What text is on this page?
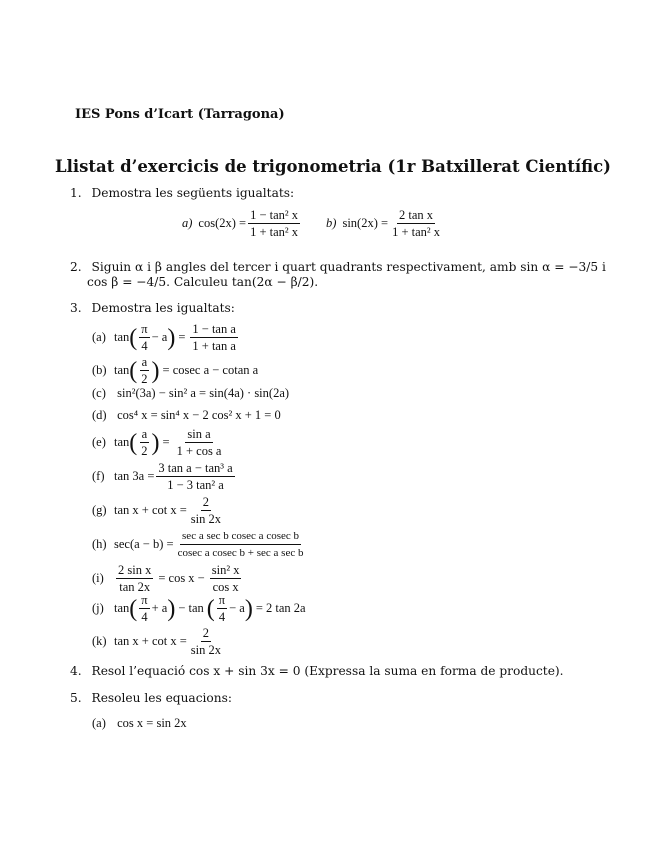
IES Pons d’Icart (Tarragona)
Llistat d’exercicis de trigonometria (1r Batxillerat Científic)
1. Demostra les següents igualtats:
a) $\cos(2x) = \frac{\text{1 − tan² x}}{\text{1 + tan² x}} b$) $\sin(2x) = \frac{\text{2 tan x}}{\text{1 + tan² x}}$
2. Siguin α i β angles del tercer i quart quadrants respectivament, amb sin α = −3/5 i
cos β = −4/5. Calculeu tan(2α − β/2).
3. Demostra les igualtats:
(a) tan ( $\frac{\pi}{4} - a$ ) = $\frac{\text{1 − tan a}}{\text{1 + tan a}}$
(b) tan ( $\frac{a}{2}$ ) = cosec a − cotan a
(c) sin²(3a) − sin² a = sin(4a) · sin(2a)
(d) cos⁴ x = sin⁴ x − 2 cos² x + 1 = 0
(e) tan ( $\frac{a}{2}$ ) = $\frac{\text{sin a}}{\text{1 + cos a}}$
(f) $\tan 3a = \frac{\text{3 tan a − tan³ a}}{\text{1 − 3 tan² a}}$
(g) $\tan x + \cot x = \frac{2}{\sin 2x}$
(h) $\sec(a - b) = \frac{\text{sec a sec b cosec a cosec b}}{\text{cosec a cosec b + sec a sec b}}$
$(i) \frac{\text{2 sin x}}{\tan 2x} = \cos x - \frac{\text{sin² x}}{\text{cos x}}$
(j) tan ( $\frac{\pi}{4} + a$ ) − tan ( $\frac{\pi}{4} - a$ ) = 2 tan 2a
(k) $\tan x + \cot x = \frac{2}{\sin 2x}$
4. Resol l’equació cos x + sin 3x = 0 (Expressa la suma en forma de producte).
5. Resoleu les equacions:
(a) cos x = sin 2x
